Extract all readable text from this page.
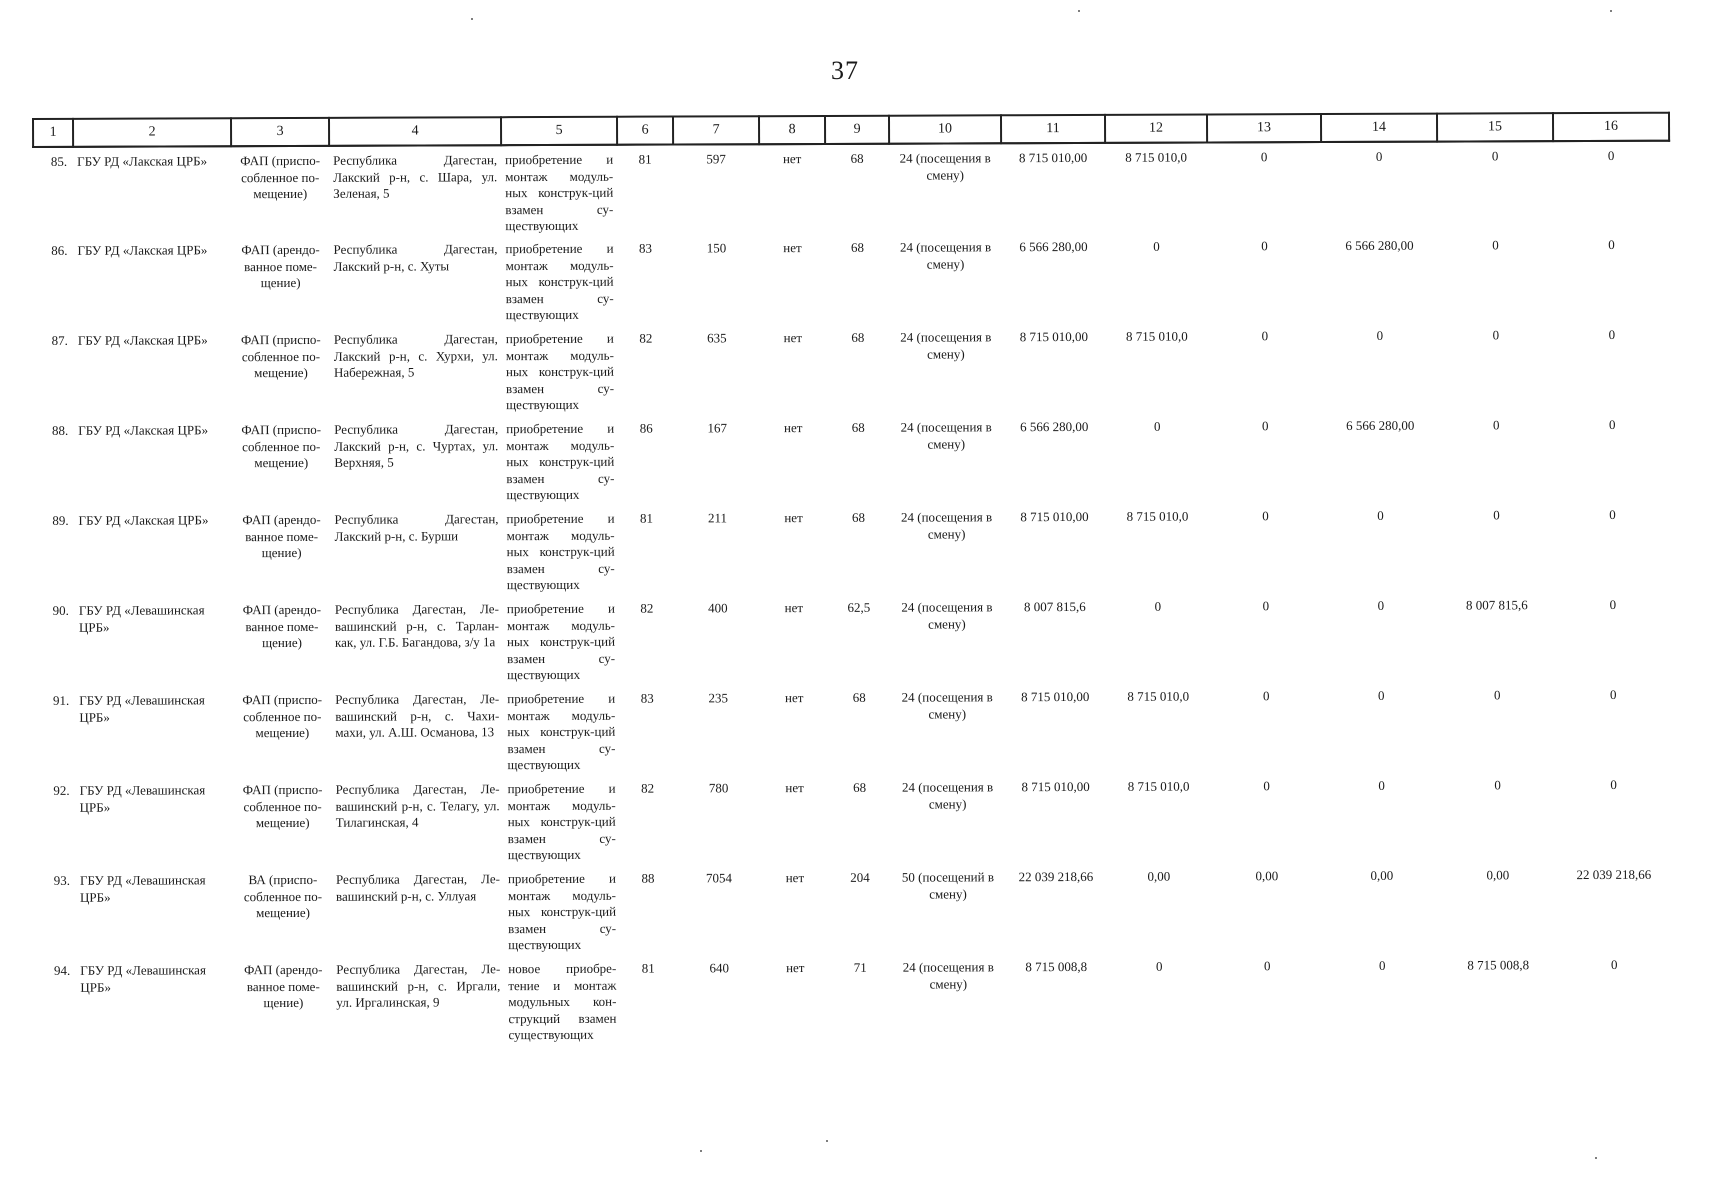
37
1	2	3	4	5	6	7	8	9	10	11	12	13	14	15	16
85.	ГБУ РД «Лакская ЦРБ»	ФАП (приспо-собленное по-мещение)	Республика Дагестан, Лакский р-н, с. Шара, ул. Зеленая, 5	приобретение и монтаж модуль-ных конструк-ций взамен су-ществующих	81	597	нет	68	24 (посещения в смену)	8 715 010,00	8 715 010,0	0	0	0	0
86.	ГБУ РД «Лакская ЦРБ»	ФАП (арендо-ванное поме-щение)	Республика Дагестан, Лакский р-н, с. Хуты	приобретение и монтаж модуль-ных конструк-ций взамен су-ществующих	83	150	нет	68	24 (посещения в смену)	6 566 280,00	0	0	6 566 280,00	0	0
87.	ГБУ РД «Лакская ЦРБ»	ФАП (приспо-собленное по-мещение)	Республика Дагестан, Лакский р-н, с. Хурхи, ул. Набережная, 5	приобретение и монтаж модуль-ных конструк-ций взамен су-ществующих	82	635	нет	68	24 (посещения в смену)	8 715 010,00	8 715 010,0	0	0	0	0
88.	ГБУ РД «Лакская ЦРБ»	ФАП (приспо-собленное по-мещение)	Республика Дагестан, Лакский р-н, с. Чуртах, ул. Верхняя, 5	приобретение и монтаж модуль-ных конструк-ций взамен су-ществующих	86	167	нет	68	24 (посещения в смену)	6 566 280,00	0	0	6 566 280,00	0	0
89.	ГБУ РД «Лакская ЦРБ»	ФАП (арендо-ванное поме-щение)	Республика Дагестан, Лакский р-н, с. Бурши	приобретение и монтаж модуль-ных конструк-ций взамен су-ществующих	81	211	нет	68	24 (посещения в смену)	8 715 010,00	8 715 010,0	0	0	0	0
90.	ГБУ РД «Левашинская ЦРБ»	ФАП (арендо-ванное поме-щение)	Республика Дагестан, Ле-вашинский р-н, с. Тарлан-как, ул. Г.Б. Багандова, з/у 1а	приобретение и монтаж модуль-ных конструк-ций взамен су-ществующих	82	400	нет	62,5	24 (посещения в смену)	8 007 815,6	0	0	0	8 007 815,6	0
91.	ГБУ РД «Левашинская ЦРБ»	ФАП (приспо-собленное по-мещение)	Республика Дагестан, Ле-вашинский р-н, с. Чахи-махи, ул. А.Ш. Османова, 13	приобретение и монтаж модуль-ных конструк-ций взамен су-ществующих	83	235	нет	68	24 (посещения в смену)	8 715 010,00	8 715 010,0	0	0	0	0
92.	ГБУ РД «Левашинская ЦРБ»	ФАП (приспо-собленное по-мещение)	Республика Дагестан, Ле-вашинский р-н, с. Телагу, ул. Тилагинская, 4	приобретение и монтаж модуль-ных конструк-ций взамен су-ществующих	82	780	нет	68	24 (посещения в смену)	8 715 010,00	8 715 010,0	0	0	0	0
93.	ГБУ РД «Левашинская ЦРБ»	ВА (приспо-собленное по-мещение)	Республика Дагестан, Ле-вашинский р-н, с. Уллуая	приобретение и монтаж модуль-ных конструк-ций взамен су-ществующих	88	7054	нет	204	50 (посещений в смену)	22 039 218,66	0,00	0,00	0,00	0,00	22 039 218,66
94.	ГБУ РД «Левашинская ЦРБ»	ФАП (арендо-ванное поме-щение)	Республика Дагестан, Ле-вашинский р-н, с. Иргали, ул. Иргалинская, 9	новое приобре-тение и монтаж модульных кон-струкций взамен существующих	81	640	нет	71	24 (посещения в смену)	8 715 008,8	0	0	0	8 715 008,8	0
